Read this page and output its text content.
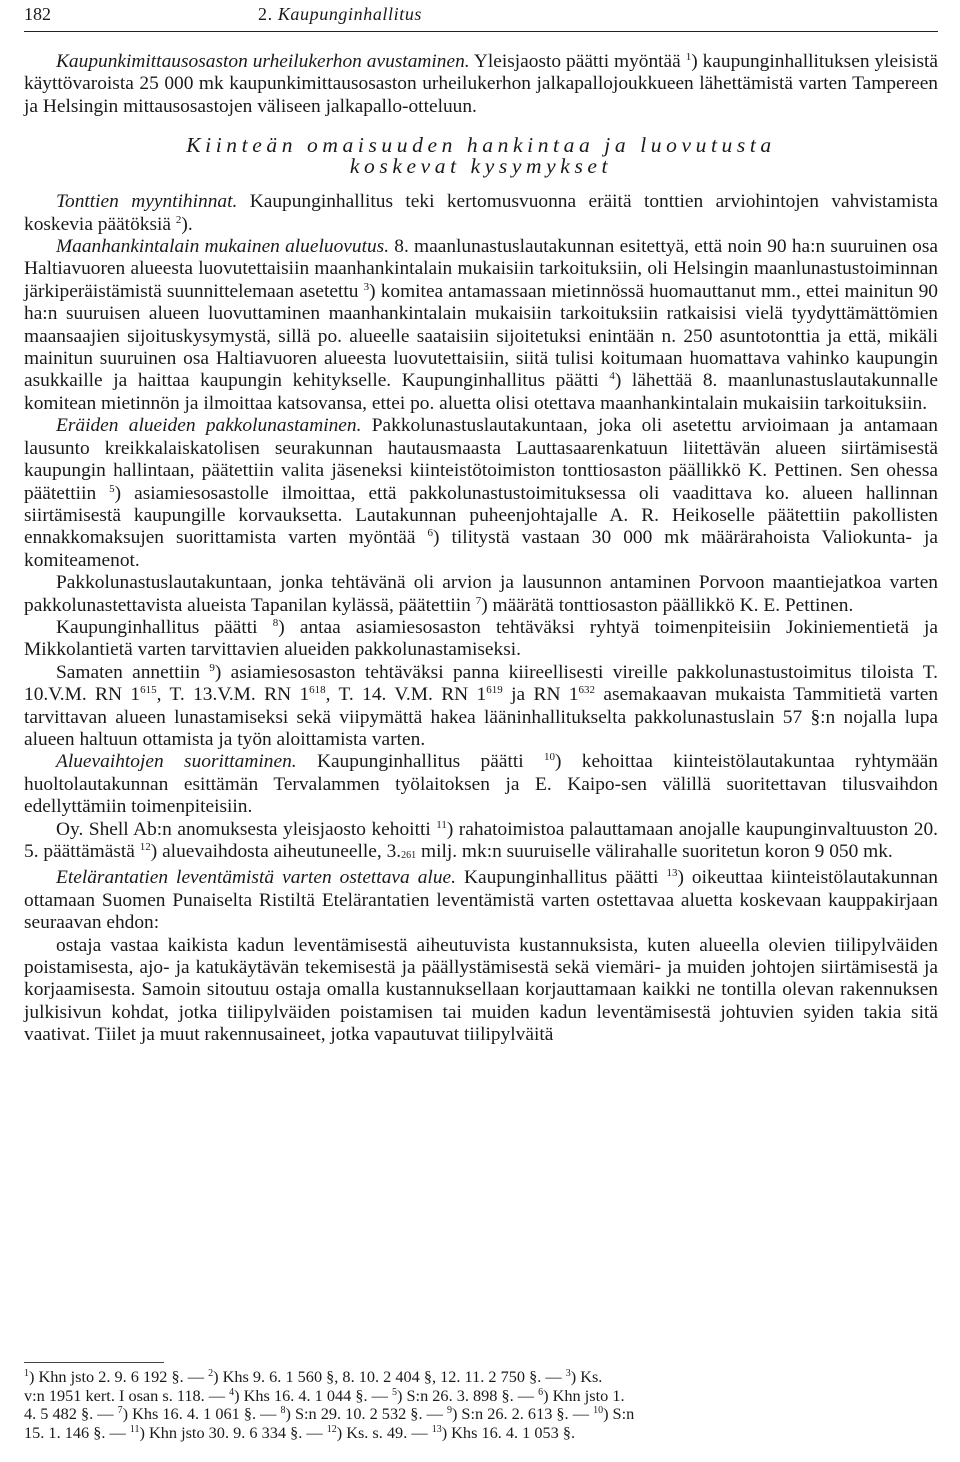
182	2. Kaupunginhallitus

Kaupunkimittausosaston urheilukerhon avustaminen. Yleisjaosto päätti myöntää $^1$) kaupunginhallituksen yleisistä käyttövaroista 25 000 mk kaupunkimittausosaston urheilukerhon jalkapallojoukkueen lähettämistä varten Tampereen ja Helsingin mittausosastojen väliseen jalkapallo-otteluun.

Kiinteän omaisuuden hankintaa ja luovutusta
koskevat kysymykset

Tonttien myyntihinnat. Kaupunginhallitus teki kertomusvuonna eräitä tonttien arviohintojen vahvistamista koskevia päätöksiä $^2$).

Maanhankintalain mukainen alueluovutus. 8. maanlunastuslautakunnan esitettyä, että noin 90 ha:n suuruinen osa Haltiavuoren alueesta luovutettaisiin maanhankintalain mukaisiin tarkoituksiin, oli Helsingin maanlunastustoiminnan järkiperäistämistä suunnittelemaan asetettu $^3$) komitea antamassaan mietinnössä huomauttanut mm., ettei mainitun 90 ha:n suuruisen alueen luovuttaminen maanhankintalain mukaisiin tarkoituksiin ratkaisisi vielä tyydyttämättömien maansaajien sijoituskysymystä, sillä po. alueelle saataisiin sijoitetuksi enintään n. 250 asuntotonttia ja että, mikäli mainitun suuruinen osa Haltiavuoren alueesta luovutettaisiin, siitä tulisi koitumaan huomattava vahinko kaupungin asukkaille ja haittaa kaupungin kehitykselle. Kaupunginhallitus päätti $^4$) lähettää 8. maanlunastuslautakunnalle komitean mietinnön ja ilmoittaa katsovansa, ettei po. aluetta olisi otettava maanhankintalain mukaisiin tarkoituksiin.

Eräiden alueiden pakkolunastaminen. Pakkolunastuslautakuntaan, joka oli asetettu arvioimaan ja antamaan lausunto kreikkalaiskatolisen seurakunnan hautausmaasta Lauttasaarenkatuun liitettävän alueen siirtämisestä kaupungin hallintaan, päätettiin valita jäseneksi kiinteistötoimiston tonttiosaston päällikkö K. Pettinen. Sen ohessa päätettiin $^5$) asiamiesosastolle ilmoittaa, että pakkolunastustoimituksessa oli vaadittava ko. alueen hallinnan siirtämisestä kaupungille korvauksetta. Lautakunnan puheenjohtajalle A. R. Heikoselle päätettiin pakollisten ennakkomaksujen suorittamista varten myöntää $^6$) tilitystä vastaan 30 000 mk määrärahoista Valiokunta- ja komiteamenot.

Pakkolunastuslautakuntaan, jonka tehtävänä oli arvion ja lausunnon antaminen Porvoon maantiejatkoa varten pakkolunastettavista alueista Tapanilan kylässä, päätettiin $^7$) määrätä tonttiosaston päällikkö K. E. Pettinen.

Kaupunginhallitus päätti $^8$) antaa asiamiesosaston tehtäväksi ryhtyä toimenpiteisiin Jokiniementietä ja Mikkolantietä varten tarvittavien alueiden pakkolunastamiseksi.

Samaten annettiin $^9$) asiamiesosaston tehtäväksi panna kiireellisesti vireille pakkolunastustoimitus tiloista T. 10.V.M. RN $1^{615}$, T. 13.V.M. RN $1^{618}$, T. 14. V.M. RN $1^{619}$ ja RN $1^{632}$ asemakaavan mukaista Tammitietä varten tarvittavan alueen lunastamiseksi sekä viipymättä hakea lääninhallitukselta pakkolunastuslain 57 §:n nojalla lupa alueen haltuun ottamista ja työn aloittamista varten.

Aluevaihtojen suorittaminen. Kaupunginhallitus päätti $^{10}$) kehoittaa kiinteistölautakuntaa ryhtymään huoltolautakunnan esittämän Tervalammen työlaitoksen ja E. Kaipo-sen välillä suoritettavan tilusvaihdon edellyttämiin toimenpiteisiin.

Oy. Shell Ab:n anomuksesta yleisjaosto kehoitti $^{11}$) rahatoimistoa palauttamaan anojalle kaupunginvaltuuston 20. 5. päättämästä $^{12}$) aluevaihdosta aiheutuneelle, $3._{261}$ milj. mk:n suuruiselle välirahalle suoritetun koron 9 050 mk.

Etelärantatien leventämistä varten ostettava alue. Kaupunginhallitus päätti $^{13}$) oikeuttaa kiinteistölautakunnan ottamaan Suomen Punaiselta Ristiltä Etelärantatien leventämistä varten ostettavaa aluetta koskevaan kauppakirjaan seuraavan ehdon:

ostaja vastaa kaikista kadun leventämisestä aiheutuvista kustannuksista, kuten alueella olevien tiilipylväiden poistamisesta, ajo- ja katukäytävän tekemisestä ja päällystämisestä sekä viemäri- ja muiden johtojen siirtämisestä ja korjaamisesta. Samoin sitoutuu ostaja omalla kustannuksellaan korjauttamaan kaikki ne tontilla olevan rakennuksen julkisivun kohdat, jotka tiilipylväiden poistamisen tai muiden kadun leventämisestä johtuvien syiden takia sitä vaativat. Tiilet ja muut rakennusaineet, jotka vapautuvat tiilipylväitä

$^1$) Khn jsto 2. 9. 6 192 §. — $^2$) Khs 9. 6. 1 560 §, 8. 10. 2 404 §, 12. 11. 2 750 §. — $^3$) Ks.
v:n 1951 kert. I osan s. 118. — $^4$) Khs 16. 4. 1 044 §. — $^5$) S:n 26. 3. 898 §. — $^6$) Khn jsto 1.
4. 5 482 §. — $^7$) Khs 16. 4. 1 061 §. — $^8$) S:n 29. 10. 2 532 §. — $^9$) S:n 26. 2. 613 §. — $^{10}$) S:n
15. 1. 146 §. — $^{11}$) Khn jsto 30. 9. 6 334 §. — $^{12}$) Ks. s. 49. — $^{13}$) Khs 16. 4. 1 053 §.
